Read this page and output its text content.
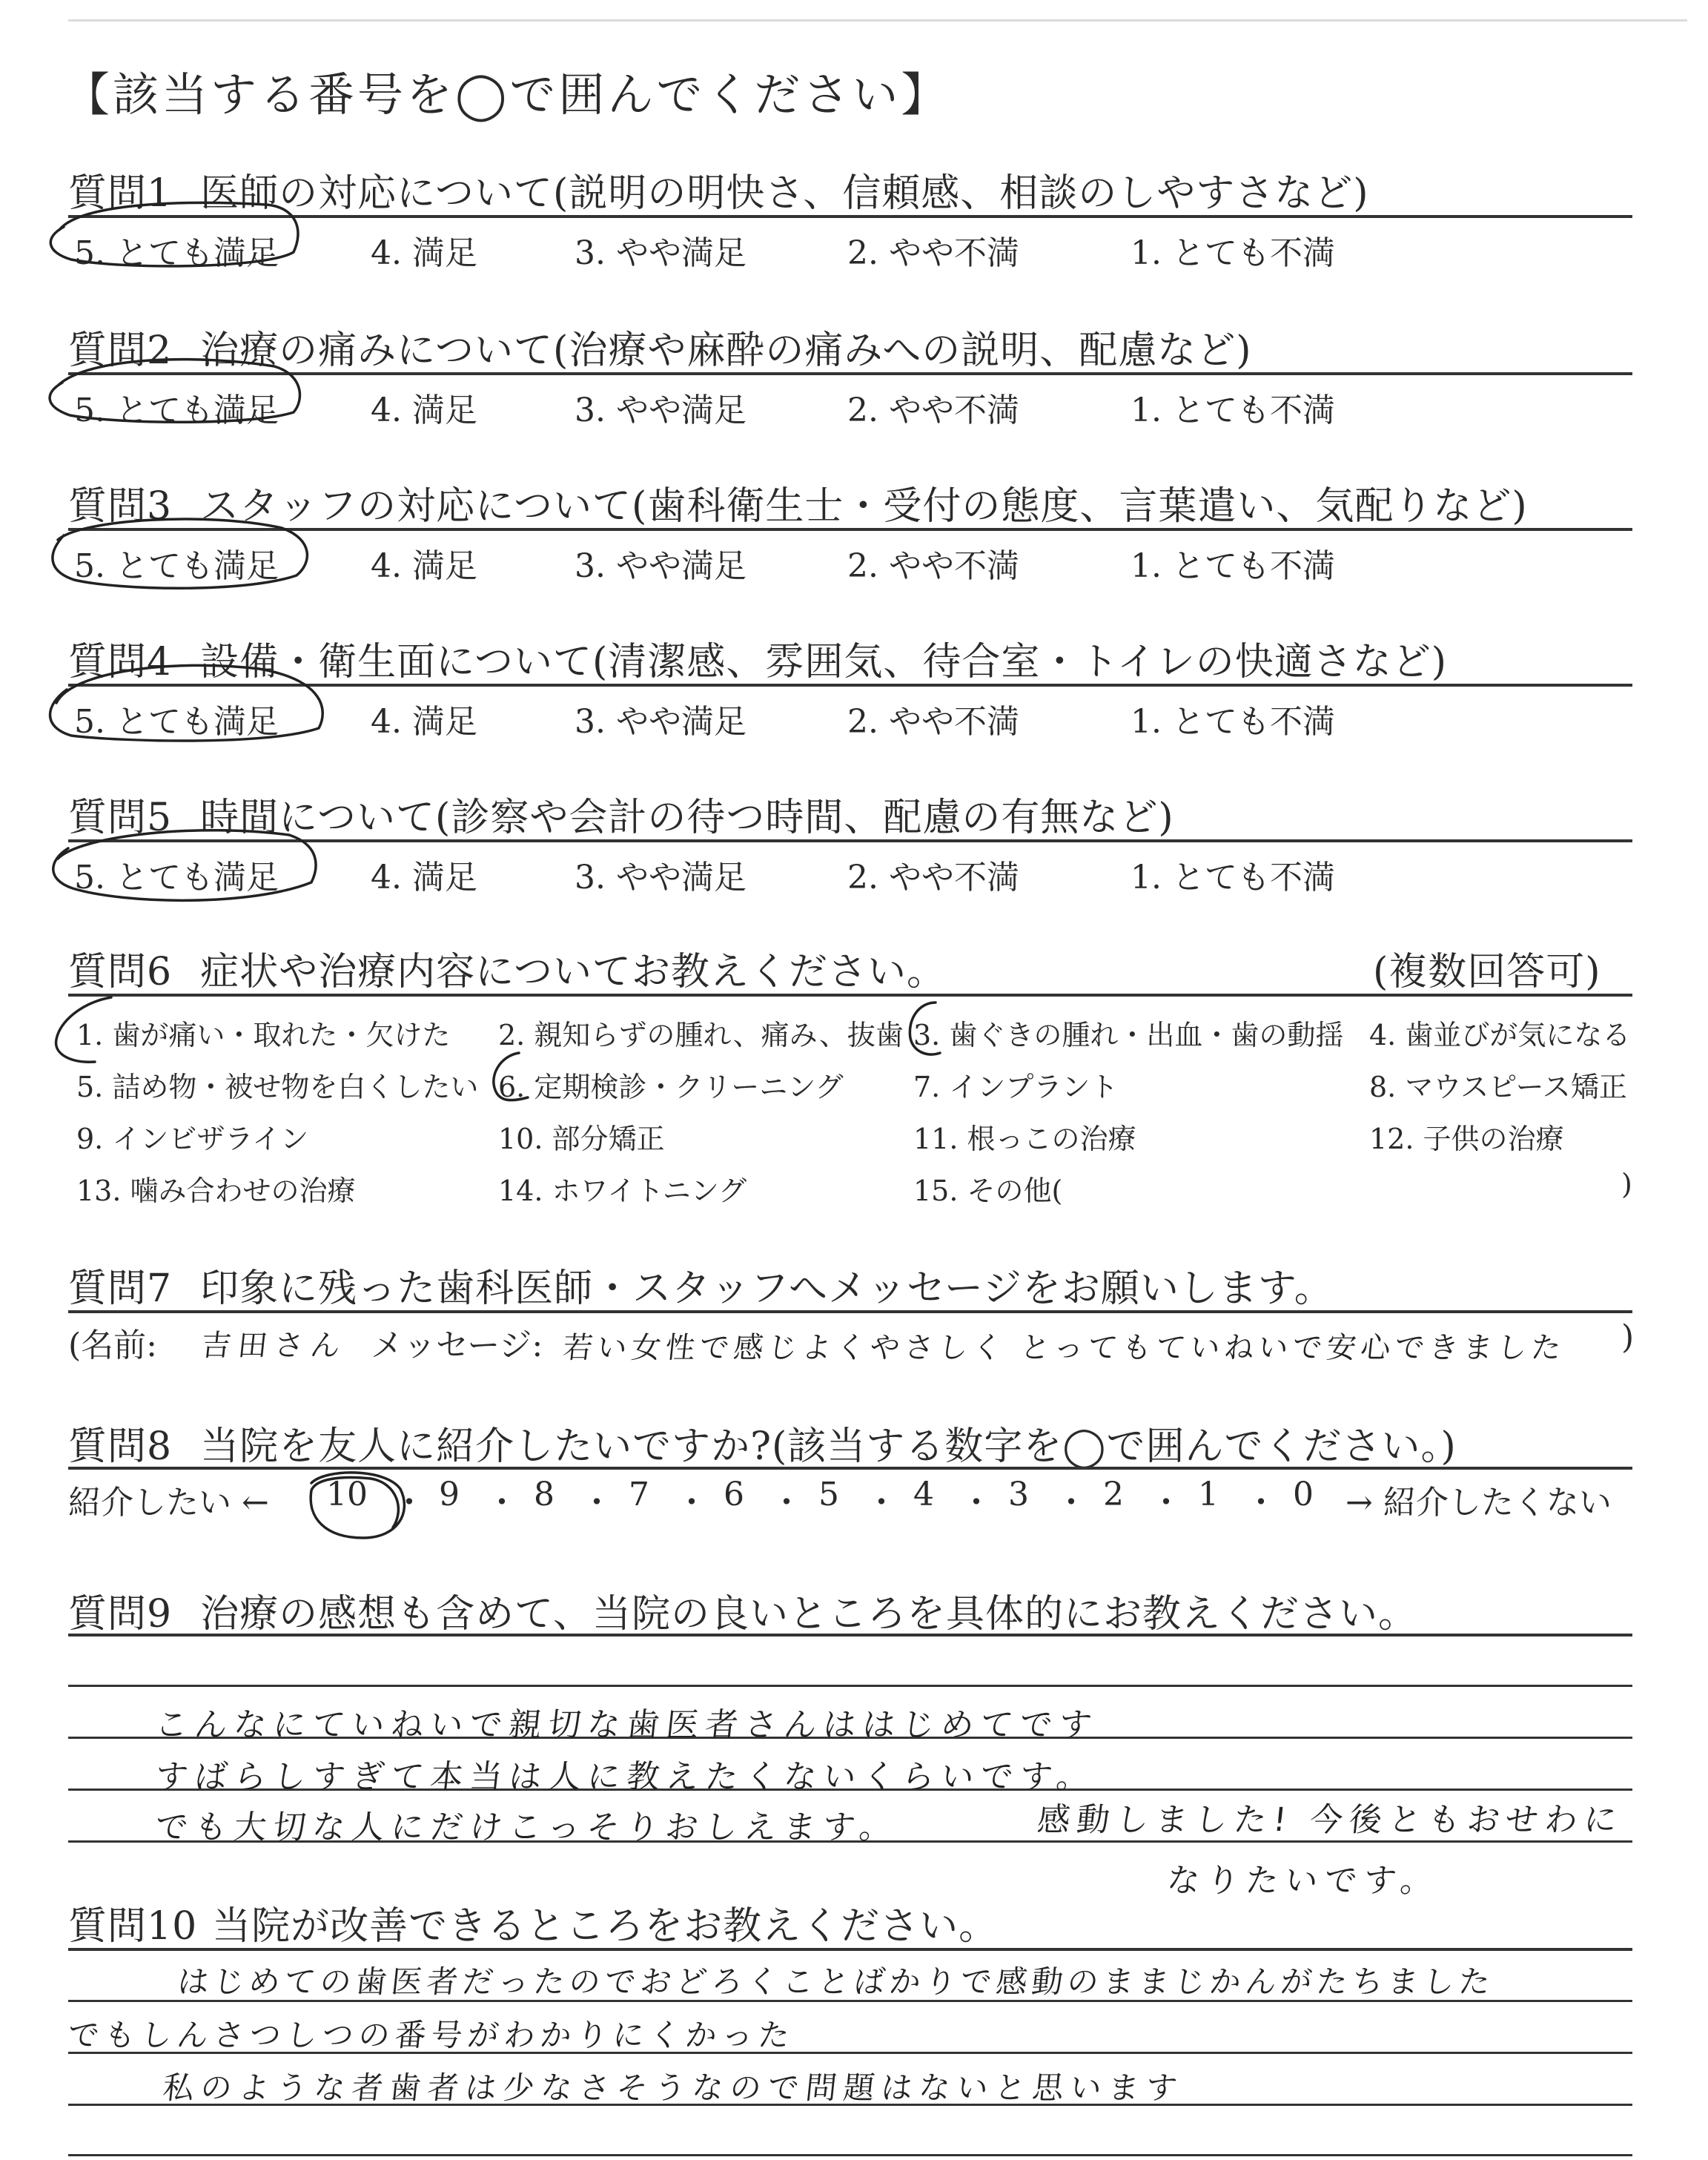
【該当する番号を◯で囲んでください】
質問1 医師の対応について(説明の明快さ、信頼感、相談のしやすさなど)
5. とても満足	4. 満足	3. やや満足	2. やや不満	1. とても不満
質問2 治療の痛みについて(治療や麻酔の痛みへの説明、配慮など)
5. とても満足	4. 満足	3. やや満足	2. やや不満	1. とても不満
質問3 スタッフの対応について(歯科衛生士・受付の態度、言葉遣い、気配りなど)
5. とても満足	4. 満足	3. やや満足	2. やや不満	1. とても不満
質問4 設備・衛生面について(清潔感、雰囲気、待合室・トイレの快適さなど)
5. とても満足	4. 満足	3. やや満足	2. やや不満	1. とても不満
質問5 時間について(診察や会計の待つ時間、配慮の有無など)
5. とても満足	4. 満足	3. やや満足	2. やや不満	1. とても不満
質問6 症状や治療内容についてお教えください。	(複数回答可)
1. 歯が痛い・取れた・欠けた 2. 親知らずの腫れ、痛み、抜歯 3. 歯ぐきの腫れ・出血・歯の動揺 4. 歯並びが気になる
5. 詰め物・被せ物を白くしたい 6. 定期検診・クリーニング 7. インプラント	8. マウスピース矯正
9. インビザライン	10. 部分矯正	11. 根っこの治療	12. 子供の治療
13. 噛み合わせの治療	14. ホワイトニング	15. その他(	)
質問7 印象に残った歯科医師・スタッフへメッセージをお願いします。
(名前: 吉田さん メッセージ: 若い女性で感じよくやさしく とってもていねいで安心できました )
質問8 当院を友人に紹介したいですか?(該当する数字を◯で囲んでください。)
紹介したい ←	→ 紹介したくない
10 9 8 7 6 5 4 3 2 1 0
・ ・ ・ ・ ・ ・ ・ ・ ・ ・
質問9 治療の感想も含めて、当院の良いところを具体的にお教えください。
こんなにていねいで親切な歯医者さんははじめてです
すばらしすぎて本当は人に教えたくないくらいです。
でも大切な人にだけこっそりおしえます。	感動しました! 今後ともおせわに
なりたいです。
質問10 当院が改善できるところをお教えください。
はじめての歯医者だったのでおどろくことばかりで感動のままじかんがたちました
でもしんさつしつの番号がわかりにくかった
私のような者歯者は少なさそうなので問題はないと思います
